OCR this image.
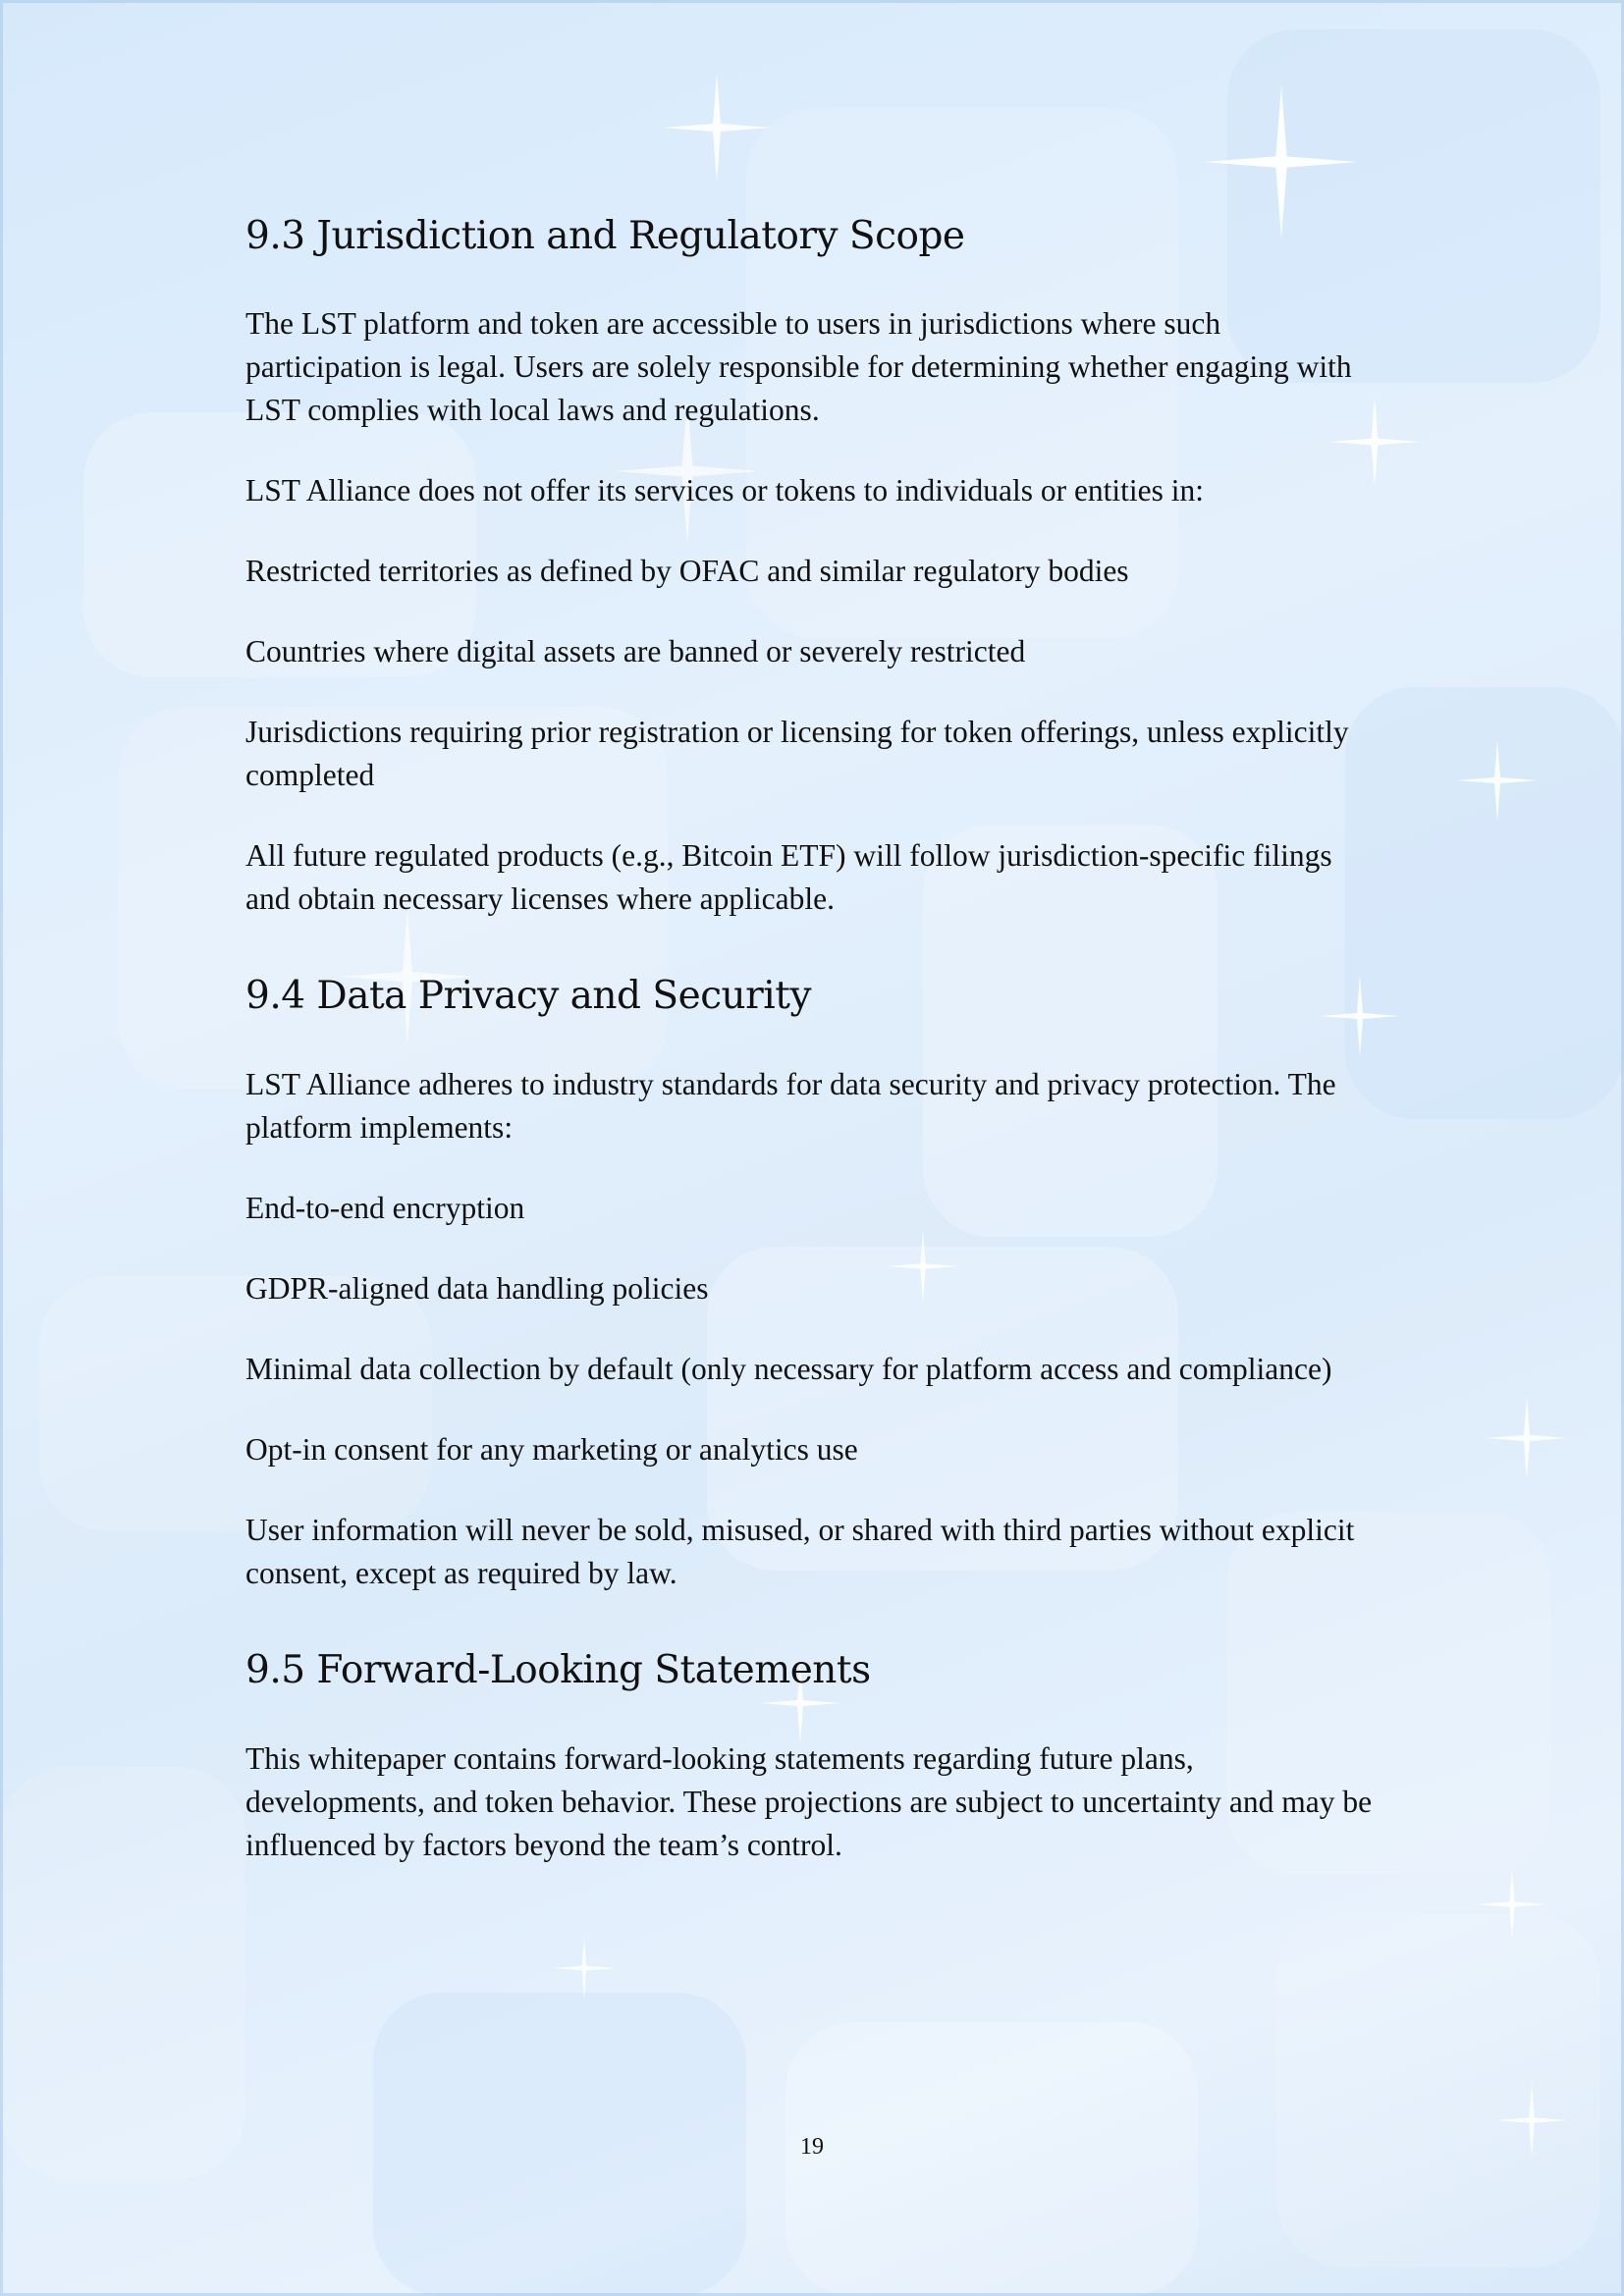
9.3 Jurisdiction and Regulatory Scope

The LST platform and token are accessible to users in jurisdictions where such participation is legal. Users are solely responsible for determining whether engaging with LST complies with local laws and regulations.

LST Alliance does not offer its services or tokens to individuals or entities in:

Restricted territories as defined by OFAC and similar regulatory bodies

Countries where digital assets are banned or severely restricted

Jurisdictions requiring prior registration or licensing for token offerings, unless explicitly completed

All future regulated products (e.g., Bitcoin ETF) will follow jurisdiction-specific filings and obtain necessary licenses where applicable.

9.4 Data Privacy and Security

LST Alliance adheres to industry standards for data security and privacy protection. The platform implements:

End-to-end encryption

GDPR-aligned data handling policies

Minimal data collection by default (only necessary for platform access and compliance)

Opt-in consent for any marketing or analytics use

User information will never be sold, misused, or shared with third parties without explicit consent, except as required by law.

9.5 Forward-Looking Statements

This whitepaper contains forward-looking statements regarding future plans, developments, and token behavior. These projections are subject to uncertainty and may be influenced by factors beyond the team’s control.

19
